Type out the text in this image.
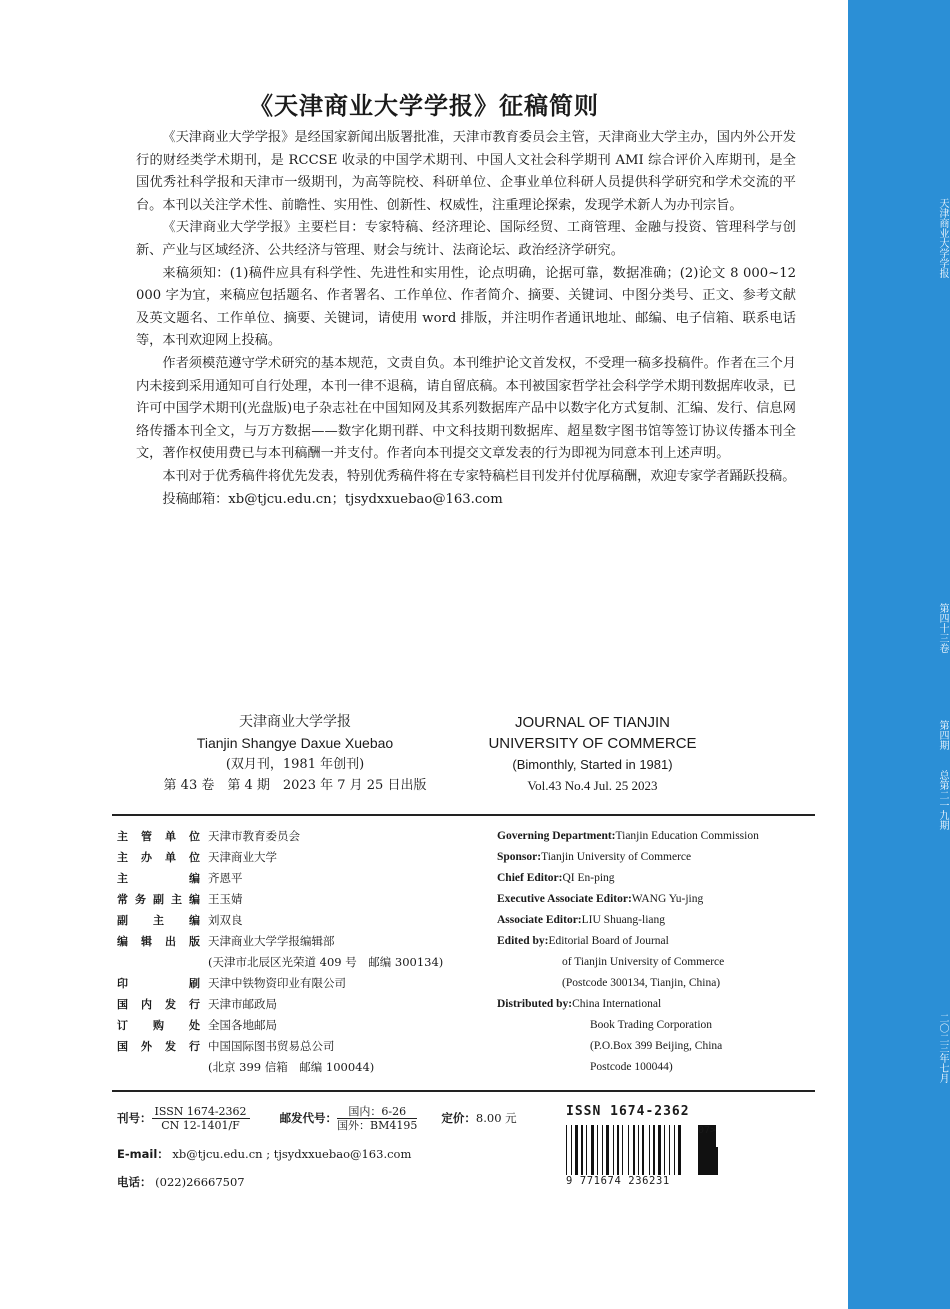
天津商业大学学报
第四十三卷
第四期
总第二一九期
二〇二三年七月
《天津商业大学学报》征稿简则

《天津商业大学学报》是经国家新闻出版署批准，天津市教育委员会主管，天津商业大学主办，国内外公开发行的财经类学术期刊，是 RCCSE 收录的中国学术期刊、中国人文社会科学期刊 AMI 综合评价入库期刊，是全国优秀社科学报和天津市一级期刊，为高等院校、科研单位、企事业单位科研人员提供科学研究和学术交流的平台。本刊以关注学术性、前瞻性、实用性、创新性、权威性，注重理论探索，发现学术新人为办刊宗旨。

《天津商业大学学报》主要栏目：专家特稿、经济理论、国际经贸、工商管理、金融与投资、管理科学与创新、产业与区域经济、公共经济与管理、财会与统计、法商论坛、政治经济学研究。

来稿须知：(1)稿件应具有科学性、先进性和实用性，论点明确，论据可靠，数据准确；(2)论文 8 000~12 000 字为宜，来稿应包括题名、作者署名、工作单位、作者简介、摘要、关键词、中图分类号、正文、参考文献及英文题名、工作单位、摘要、关键词，请使用 word 排版，并注明作者通讯地址、邮编、电子信箱、联系电话等，本刊欢迎网上投稿。

作者须模范遵守学术研究的基本规范，文责自负。本刊维护论文首发权，不受理一稿多投稿件。作者在三个月内未接到采用通知可自行处理，本刊一律不退稿，请自留底稿。本刊被国家哲学社会科学学术期刊数据库收录，已许可中国学术期刊(光盘版)电子杂志社在中国知网及其系列数据库产品中以数字化方式复制、汇编、发行、信息网络传播本刊全文，与万方数据——数字化期刊群、中文科技期刊数据库、超星数字图书馆等签订协议传播本刊全文，著作权使用费已与本刊稿酬一并支付。作者向本刊提交文章发表的行为即视为同意本刊上述声明。

本刊对于优秀稿件将优先发表，特别优秀稿件将在专家特稿栏目刊发并付优厚稿酬，欢迎专家学者踊跃投稿。

投稿邮箱：xb@tjcu.edu.cn；tjsydxxuebao@163.com

天津商业大学学报
Tianjin Shangye Daxue Xuebao
(双月刊，1981 年创刊)
第 43 卷　第 4 期　2023 年 7 月 25 日出版
JOURNAL OF TIANJIN
UNIVERSITY OF COMMERCE
(Bimonthly, Started in 1981)
Vol.43 No.4 Jul. 25 2023
主管单位 天津市教育委员会
主办单位 天津商业大学
主编 齐恩平
常务副主编 王玉婧
副主编 刘双良
编辑出版 天津商业大学学报编辑部
(天津市北辰区光荣道 409 号　邮编 300134)
印刷 天津中铁物资印业有限公司
国内发行 天津市邮政局
订购处 全国各地邮局
国外发行 中国国际图书贸易总公司
(北京 399 信箱　邮编 100044)
Governing Department: Tianjin Education Commission
Sponsor: Tianjin University of Commerce
Chief Editor: QI En-ping
Executive Associate Editor: WANG Yu-jing
Associate Editor: LIU Shuang-liang
Edited by: Editorial Board of Journal
of Tianjin University of Commerce
(Postcode 300134, Tianjin, China)
Distributed by: China International
Book Trading Corporation
(P.O.Box 399 Beijing, China
Postcode 100044)
刊号： $\frac{\text{ISSN 1674-2362}}{CN 12-1401/F}$	邮发代号： $\frac{\text{国内：6-26}}{\text{国外：BM4195}}$ 定价： 8.00 元
E-mail： xb@tjcu.edu.cn ; tjsydxxuebao@163.com
电话： (022)26667507
ISSN 1674-2362
07>
9 771674 236231
